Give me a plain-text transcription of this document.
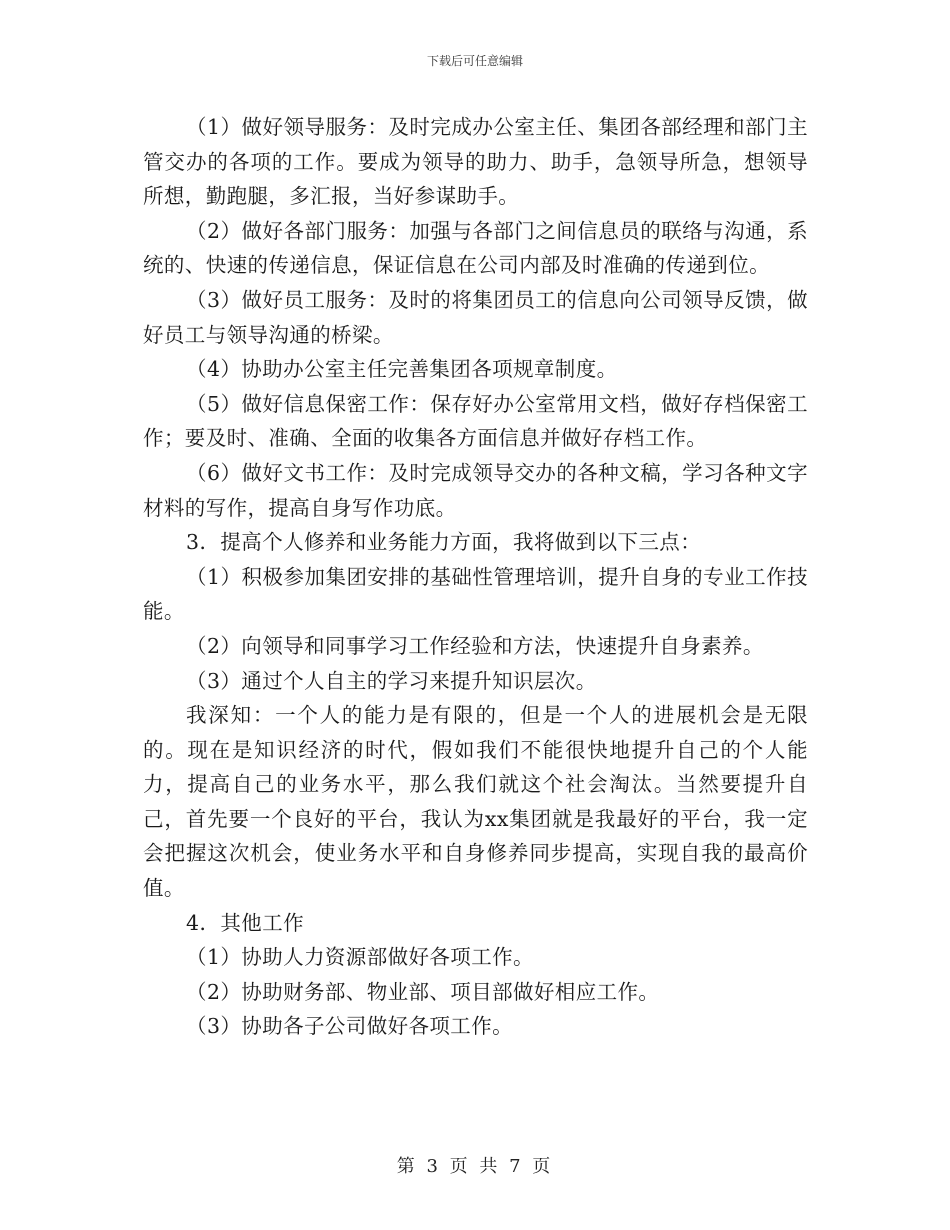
下载后可任意编辑

（1）做好领导服务：及时完成办公室主任、集团各部经理和部门主管交办的各项的工作。要成为领导的助力、助手，急领导所急，想领导所想，勤跑腿，多汇报，当好参谋助手。

（2）做好各部门服务：加强与各部门之间信息员的联络与沟通，系统的、快速的传递信息，保证信息在公司内部及时准确的传递到位。

（3）做好员工服务：及时的将集团员工的信息向公司领导反馈，做好员工与领导沟通的桥梁。

（4）协助办公室主任完善集团各项规章制度。

（5）做好信息保密工作：保存好办公室常用文档，做好存档保密工作；要及时、准确、全面的收集各方面信息并做好存档工作。

（6）做好文书工作：及时完成领导交办的各种文稿，学习各种文字材料的写作，提高自身写作功底。

3．提高个人修养和业务能力方面，我将做到以下三点：

（1）积极参加集团安排的基础性管理培训，提升自身的专业工作技能。

（2）向领导和同事学习工作经验和方法，快速提升自身素养。

（3）通过个人自主的学习来提升知识层次。

我深知：一个人的能力是有限的，但是一个人的进展机会是无限的。现在是知识经济的时代，假如我们不能很快地提升自己的个人能力，提高自己的业务水平，那么我们就这个社会淘汰。当然要提升自己，首先要一个良好的平台，我认为xx集团就是我最好的平台，我一定会把握这次机会，使业务水平和自身修养同步提高，实现自我的最高价值。

4．其他工作

（1）协助人力资源部做好各项工作。

（2）协助财务部、物业部、项目部做好相应工作。

（3）协助各子公司做好各项工作。

第 3 页 共 7 页
